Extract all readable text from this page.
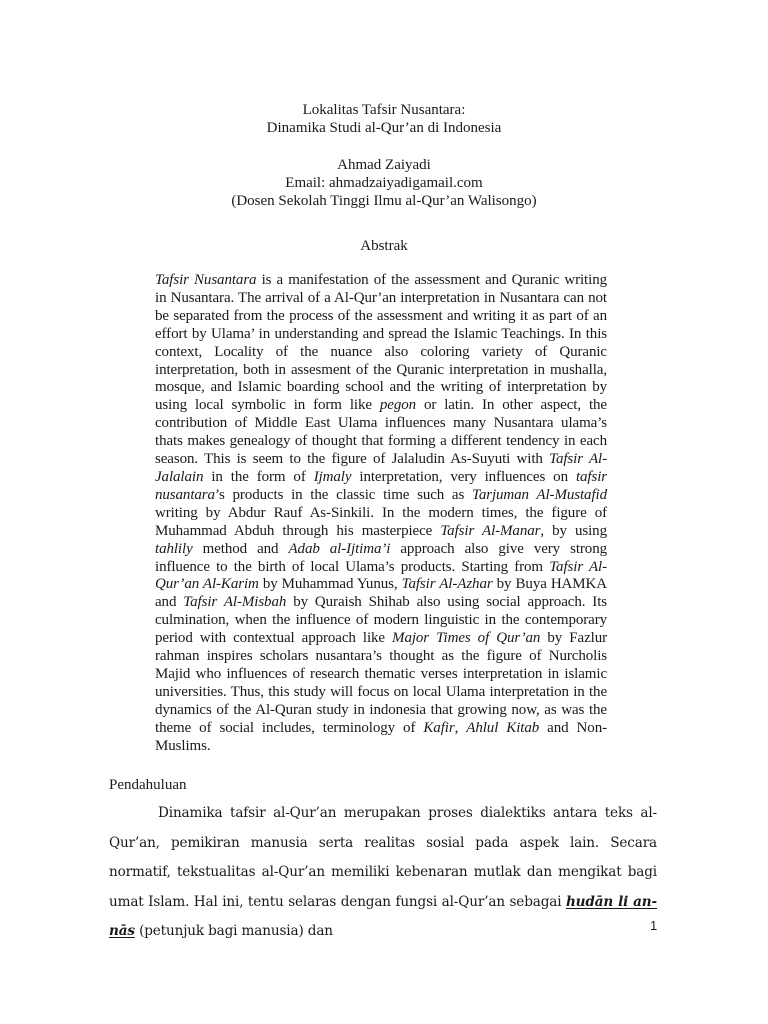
Lokalitas Tafsir Nusantara:
Dinamika Studi al-Qur’an di Indonesia
Ahmad Zaiyadi
Email: ahmadzaiyadigamail.com
(Dosen Sekolah Tinggi Ilmu al-Qur’an Walisongo)
Abstrak

Tafsir Nusantara is a manifestation of the assessment and Quranic writing in Nusantara. The arrival of a Al-Qur’an interpretation in Nusantara can not be separated from the process of the assessment and writing it as part of an effort by Ulama’ in understanding and spread the Islamic Teachings. In this context, Locality of the nuance also coloring variety of Quranic interpretation, both in assesment of the Quranic interpretation in mushalla, mosque, and Islamic boarding school and the writing of interpretation by using local symbolic in form like pegon or latin. In other aspect, the contribution of Middle East Ulama influences many Nusantara ulama’s thats makes genealogy of thought that forming a different tendency in each season. This is seem to the figure of Jalaludin As-Suyuti with Tafsir Al-Jalalain in the form of Ijmaly interpretation, very influences on tafsir nusantara’s products in the classic time such as Tarjuman Al-Mustafid writing by Abdur Rauf As-Sinkili. In the modern times, the figure of Muhammad Abduh through his masterpiece Tafsir Al-Manar, by using tahlily method and Adab al-Ijtima’i approach also give very strong influence to the birth of local Ulama’s products. Starting from Tafsir Al-Qur’an Al-Karim by Muhammad Yunus, Tafsir Al-Azhar by Buya HAMKA and Tafsir Al-Misbah by Quraish Shihab also using social approach. Its culmination, when the influence of modern linguistic in the contemporary period with contextual approach like Major Times of Qur’an by Fazlur rahman inspires scholars nusantara’s thought as the figure of Nurcholis Majid who influences of research thematic verses interpretation in islamic universities. Thus, this study will focus on local Ulama interpretation in the dynamics of the Al-Quran study in indonesia that growing now, as was the theme of social includes, terminology of Kafir, Ahlul Kitab and Non-Muslims.

Pendahuluan

Dinamika tafsir al-Qur’an merupakan proses dialektiks antara teks al-Qur’an, pemikiran manusia serta realitas sosial pada aspek lain. Secara normatif, tekstualitas al-Qur’an memiliki kebenaran mutlak dan mengikat bagi umat Islam. Hal ini, tentu selaras dengan fungsi al-Qur’an sebagai hudān li an-nās (petunjuk bagi manusia) dan	1
